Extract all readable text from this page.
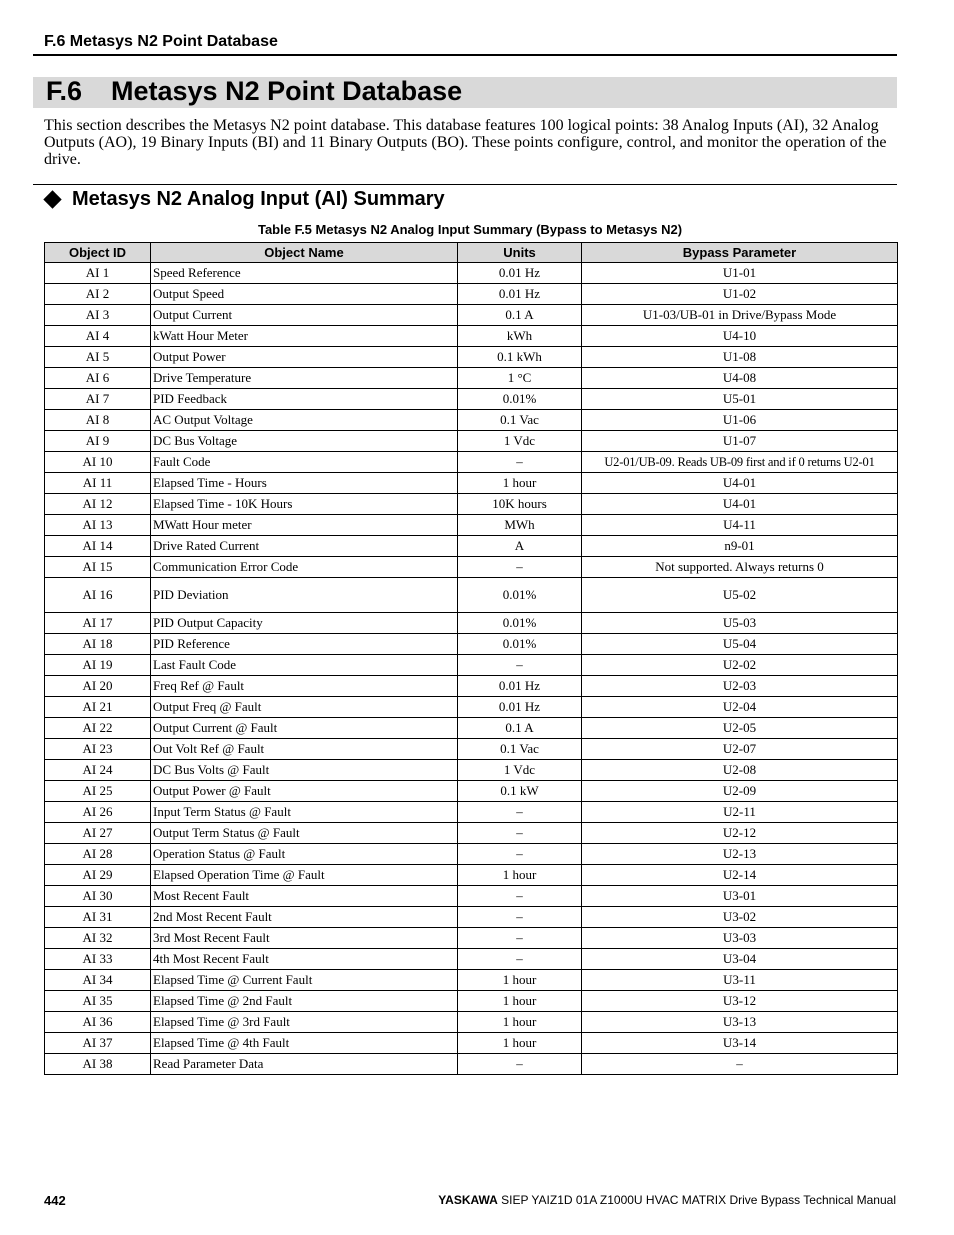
F.6 Metasys N2 Point Database
F.6 Metasys N2 Point Database
This section describes the Metasys N2 point database. This database features 100 logical points: 38 Analog Inputs (AI), 32 Analog Outputs (AO), 19 Binary Inputs (BI) and 11 Binary Outputs (BO). These points configure, control, and monitor the operation of the drive.
Metasys N2 Analog Input (AI) Summary
Table F.5 Metasys N2 Analog Input Summary (Bypass to Metasys N2)
Object ID	Object Name	Units	Bypass Parameter
AI 1	Speed Reference	0.01 Hz	U1-01
AI 2	Output Speed	0.01 Hz	U1-02
AI 3	Output Current	0.1 A	U1-03/UB-01 in Drive/Bypass Mode
AI 4	kWatt Hour Meter	kWh	U4-10
AI 5	Output Power	0.1 kWh	U1-08
AI 6	Drive Temperature	1 °C	U4-08
AI 7	PID Feedback	0.01%	U5-01
AI 8	AC Output Voltage	0.1 Vac	U1-06
AI 9	DC Bus Voltage	1 Vdc	U1-07
AI 10	Fault Code	–	U2-01/UB-09. Reads UB-09 first and if 0 returns U2-01
AI 11	Elapsed Time - Hours	1 hour	U4-01
AI 12	Elapsed Time - 10K Hours	10K hours	U4-01
AI 13	MWatt Hour meter	MWh	U4-11
AI 14	Drive Rated Current	A	n9-01
AI 15	Communication Error Code	–	Not supported. Always returns 0
AI 16	PID Deviation	0.01%	U5-02
AI 17	PID Output Capacity	0.01%	U5-03
AI 18	PID Reference	0.01%	U5-04
AI 19	Last Fault Code	–	U2-02
AI 20	Freq Ref @ Fault	0.01 Hz	U2-03
AI 21	Output Freq @ Fault	0.01 Hz	U2-04
AI 22	Output Current @ Fault	0.1 A	U2-05
AI 23	Out Volt Ref @ Fault	0.1 Vac	U2-07
AI 24	DC Bus Volts @ Fault	1 Vdc	U2-08
AI 25	Output Power @ Fault	0.1 kW	U2-09
AI 26	Input Term Status @ Fault	–	U2-11
AI 27	Output Term Status @ Fault	–	U2-12
AI 28	Operation Status @ Fault	–	U2-13
AI 29	Elapsed Operation Time @ Fault	1 hour	U2-14
AI 30	Most Recent Fault	–	U3-01
AI 31	2nd Most Recent Fault	–	U3-02
AI 32	3rd Most Recent Fault	–	U3-03
AI 33	4th Most Recent Fault	–	U3-04
AI 34	Elapsed Time @ Current Fault	1 hour	U3-11
AI 35	Elapsed Time @ 2nd Fault	1 hour	U3-12
AI 36	Elapsed Time @ 3rd Fault	1 hour	U3-13
AI 37	Elapsed Time @ 4th Fault	1 hour	U3-14
AI 38	Read Parameter Data	–	–
442	YASKAWA SIEP YAIZ1D 01A Z1000U HVAC MATRIX Drive Bypass Technical Manual
